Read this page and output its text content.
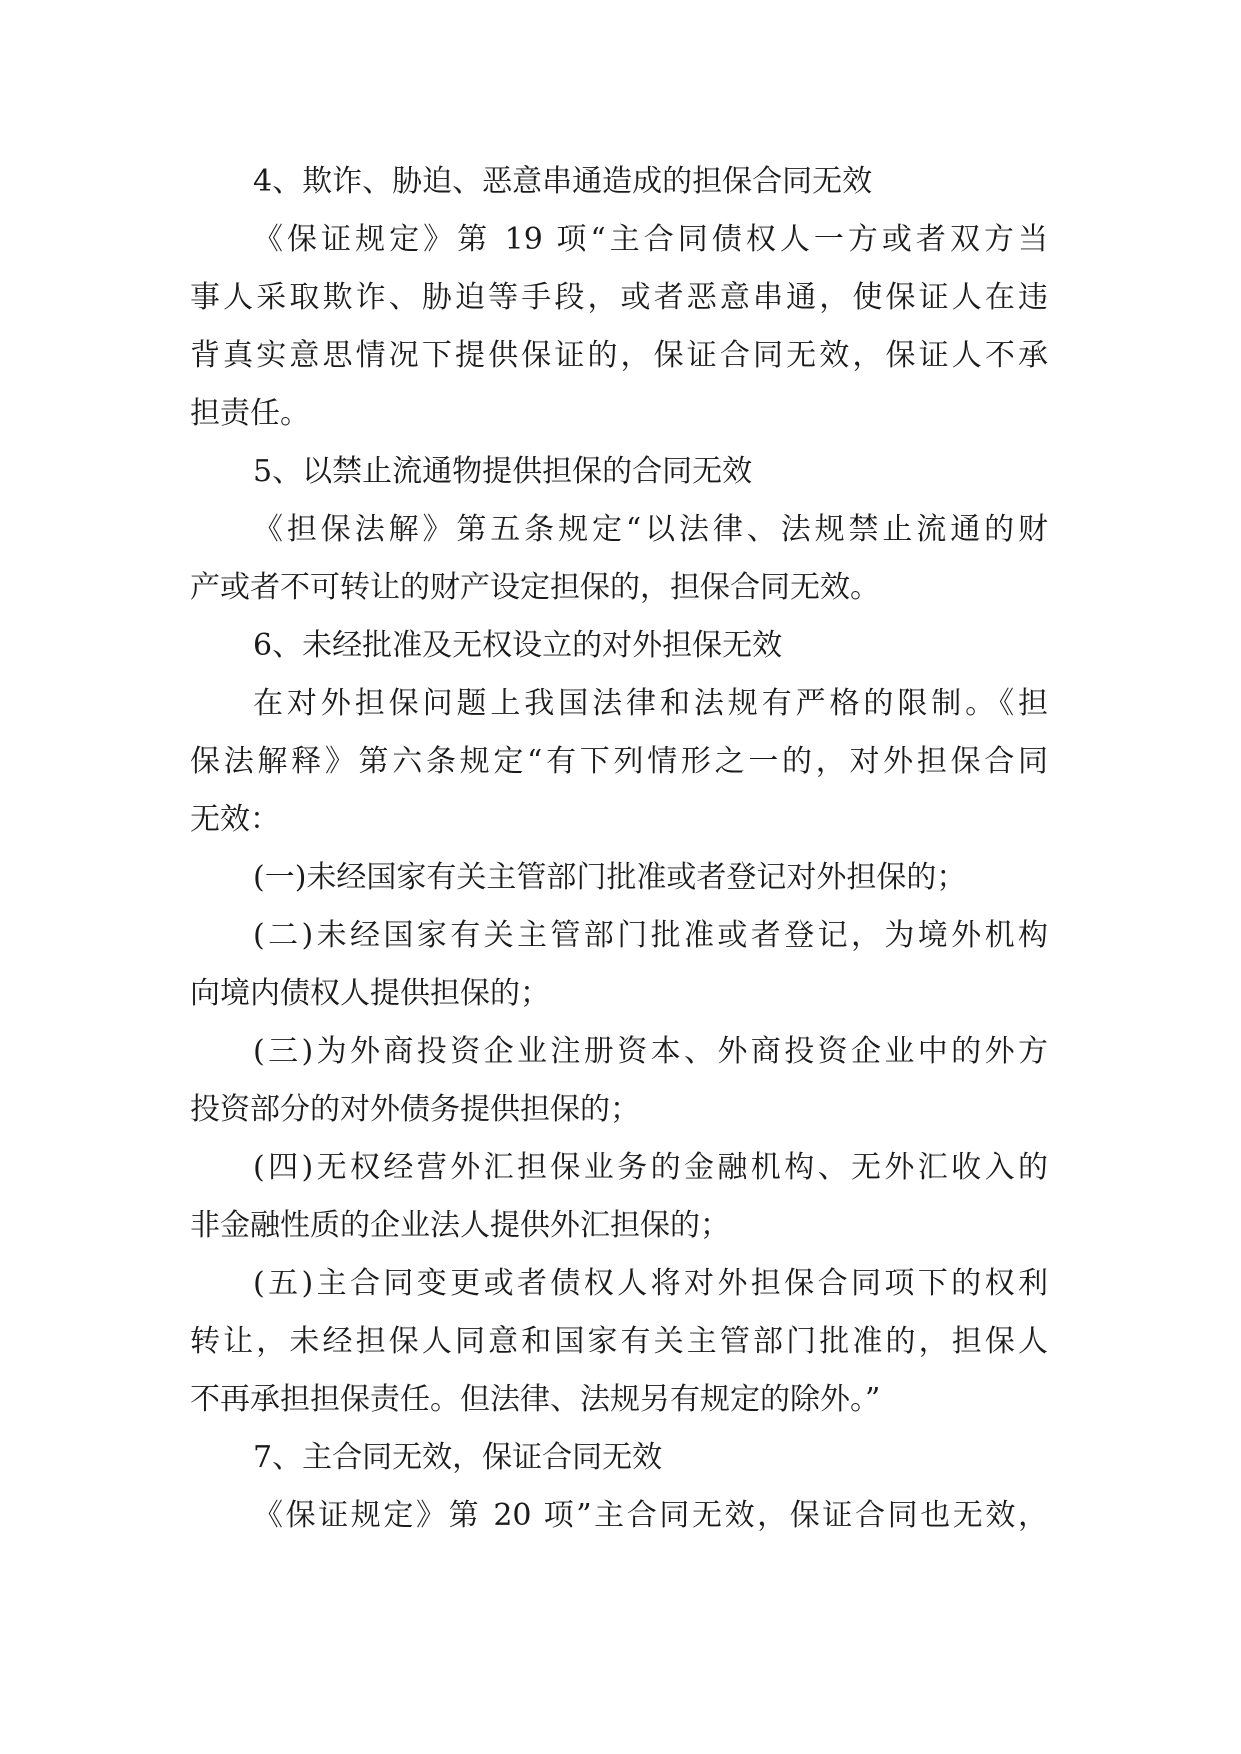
4、欺诈、胁迫、恶意串通造成的担保合同无效
《保证规定》第 19 项“主合同债权人一方或者双方当
事人采取欺诈、胁迫等手段，或者恶意串通，使保证人在违
背真实意思情况下提供保证的，保证合同无效，保证人不承
担责任。
5、以禁止流通物提供担保的合同无效
《担保法解》第五条规定“以法律、法规禁止流通的财
产或者不可转让的财产设定担保的，担保合同无效。
6、未经批准及无权设立的对外担保无效
在对外担保问题上我国法律和法规有严格的限制。《担
保法解释》第六条规定“有下列情形之一的，对外担保合同
无效：
(一)未经国家有关主管部门批准或者登记对外担保的；
(二)未经国家有关主管部门批准或者登记，为境外机构
向境内债权人提供担保的；
(三)为外商投资企业注册资本、外商投资企业中的外方
投资部分的对外债务提供担保的；
(四)无权经营外汇担保业务的金融机构、无外汇收入的
非金融性质的企业法人提供外汇担保的；
(五)主合同变更或者债权人将对外担保合同项下的权利
转让，未经担保人同意和国家有关主管部门批准的，担保人
不再承担担保责任。但法律、法规另有规定的除外。”
7、主合同无效，保证合同无效
《保证规定》第 20 项”主合同无效，保证合同也无效，
